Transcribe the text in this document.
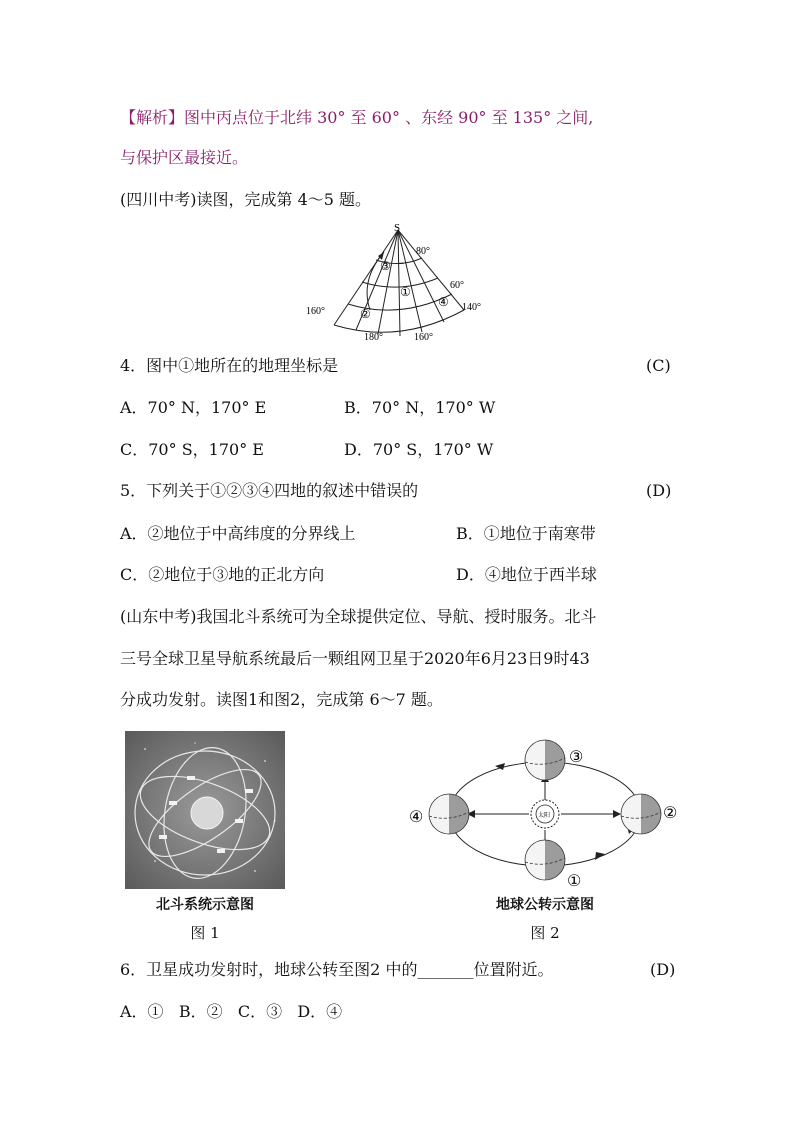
【解析】图中丙点位于北纬 30° 至 60° 、东经 90° 至 135° 之间,
与保护区最接近。
(四川中考)读图，完成第 4～5 题。
S
80°
60°
160°
180°	160°
140°
①
②
③
④
4．图中①地所在的地理坐标是	(C)
A．70° N，170° E	B．70° N，170° W
C．70° S，170° E	D．70° S，170° W
5．下列关于①②③④四地的叙述中错误的	(D)
A．②地位于中高纬度的分界线上	B．①地位于南寒带
C．②地位于③地的正北方向	D．④地位于西半球
(山东中考)我国北斗系统可为全球提供定位、导航、授时服务。北斗
三号全球卫星导航系统最后一颗组网卫星于2020年6月23日9时43
分成功发射。读图1和图2，完成第 6～7 题。
北斗系统示意图
图 1
太阳
③
①
④	②
地球公转示意图
图 2
6．卫星成功发射时，地球公转至图2 中的_______位置附近。	(D)
A．①   B．②   C．③   D．④
